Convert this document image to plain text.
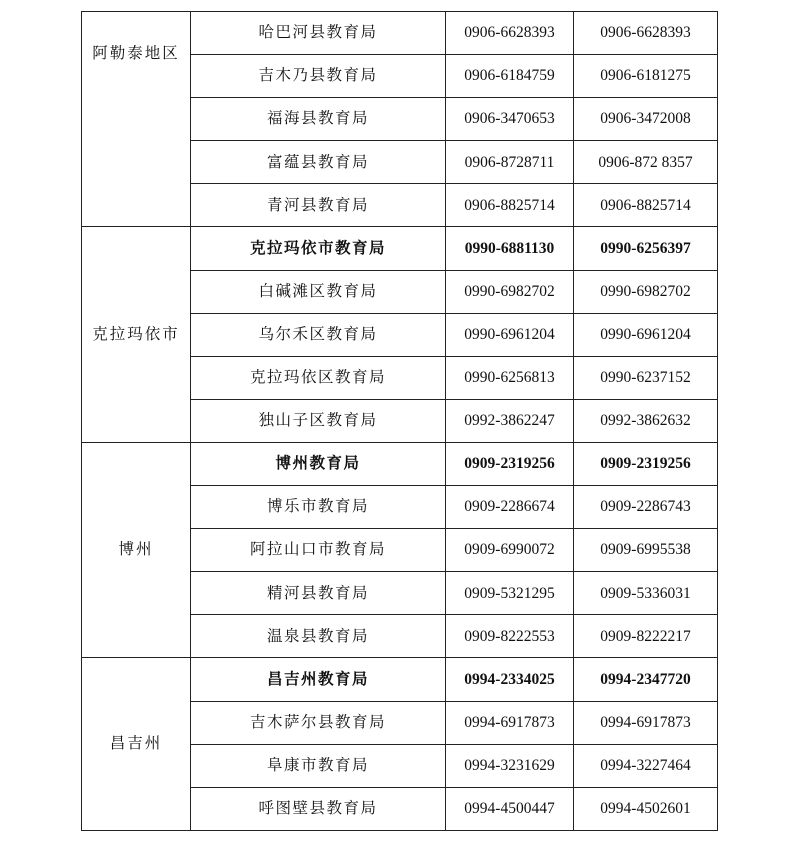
阿勒泰地区	哈巴河县教育局	0906-6628393	0906-6628393
	吉木乃县教育局	0906-6184759	0906-6181275
	福海县教育局	0906-3470653	0906-3472008
	富蕴县教育局	0906-8728711	0906-872 8357
	青河县教育局	0906-8825714	0906-8825714
克拉玛依市	克拉玛依市教育局	0990-6881130	0990-6256397
	白碱滩区教育局	0990-6982702	0990-6982702
	乌尔禾区教育局	0990-6961204	0990-6961204
	克拉玛依区教育局	0990-6256813	0990-6237152
	独山子区教育局	0992-3862247	0992-3862632
博州	博州教育局	0909-2319256	0909-2319256
	博乐市教育局	0909-2286674	0909-2286743
	阿拉山口市教育局	0909-6990072	0909-6995538
	精河县教育局	0909-5321295	0909-5336031
	温泉县教育局	0909-8222553	0909-8222217
昌吉州	昌吉州教育局	0994-2334025	0994-2347720
	吉木萨尔县教育局	0994-6917873	0994-6917873
	阜康市教育局	0994-3231629	0994-3227464
	呼图壁县教育局	0994-4500447	0994-4502601
